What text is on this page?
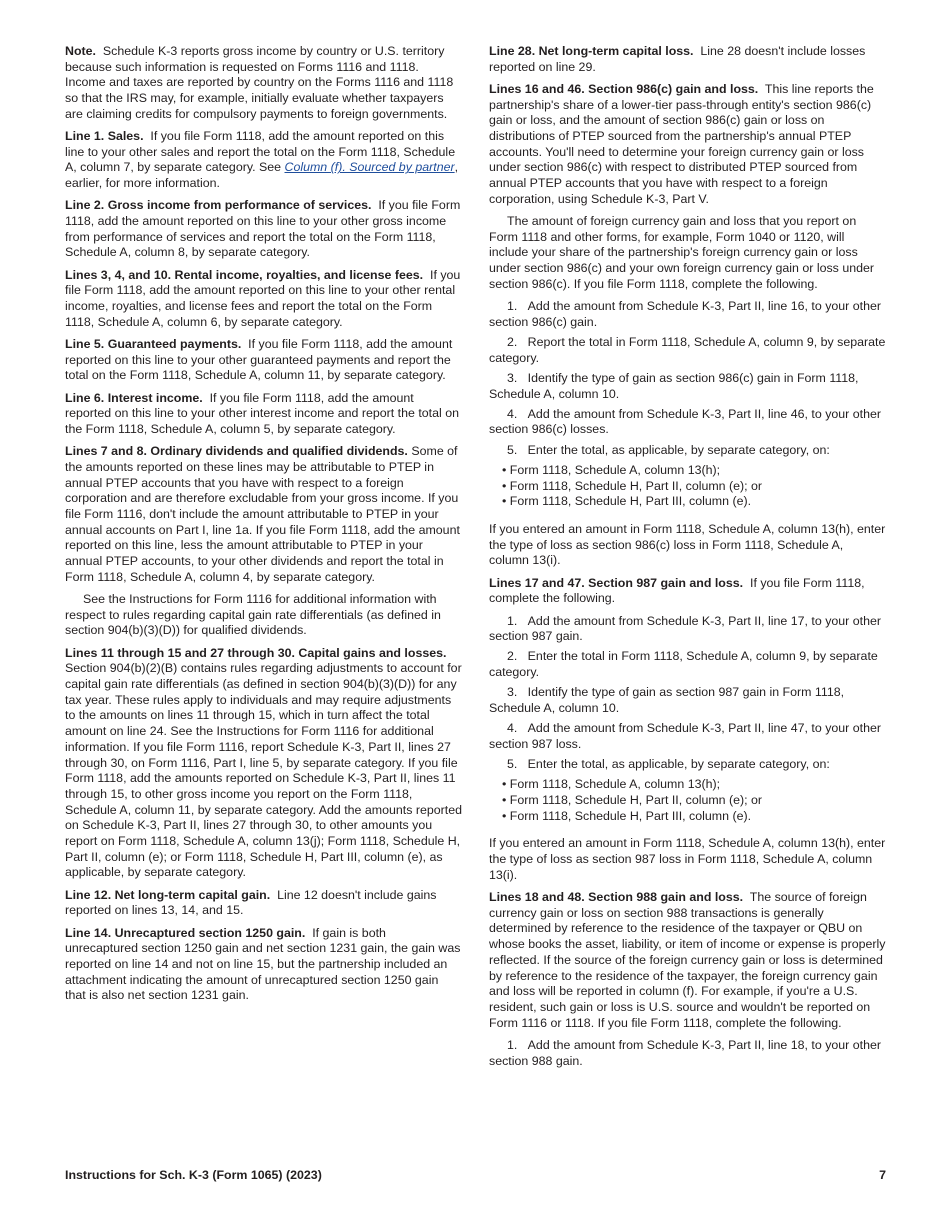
Note. Schedule K-3 reports gross income by country or U.S. territory because such information is requested on Forms 1116 and 1118. Income and taxes are reported by country on the Forms 1116 and 1118 so that the IRS may, for example, initially evaluate whether taxpayers are claiming credits for compulsory payments to foreign governments.

Line 1. Sales. If you file Form 1118, add the amount reported on this line to your other sales and report the total on the Form 1118, Schedule A, column 7, by separate category. See Column (f). Sourced by partner, earlier, for more information.

Line 2. Gross income from performance of services. If you file Form 1118, add the amount reported on this line to your other gross income from performance of services and report the total on the Form 1118, Schedule A, column 8, by separate category.

Lines 3, 4, and 10. Rental income, royalties, and license fees. If you file Form 1118, add the amount reported on this line to your other rental income, royalties, and license fees and report the total on the Form 1118, Schedule A, column 6, by separate category.

Line 5. Guaranteed payments. If you file Form 1118, add the amount reported on this line to your other guaranteed payments and report the total on the Form 1118, Schedule A, column 11, by separate category.

Line 6. Interest income. If you file Form 1118, add the amount reported on this line to your other interest income and report the total on the Form 1118, Schedule A, column 5, by separate category.

Lines 7 and 8. Ordinary dividends and qualified dividends. Some of the amounts reported on these lines may be attributable to PTEP in annual PTEP accounts that you have with respect to a foreign corporation and are therefore excludable from your gross income. If you file Form 1116, don't include the amount attributable to PTEP in your annual accounts on Part I, line 1a. If you file Form 1118, add the amount reported on this line, less the amount attributable to PTEP in your annual PTEP accounts, to your other dividends and report the total in Form 1118, Schedule A, column 4, by separate category.

See the Instructions for Form 1116 for additional information with respect to rules regarding capital gain rate differentials (as defined in section 904(b)(3)(D)) for qualified dividends.

Lines 11 through 15 and 27 through 30. Capital gains and losses.  Section 904(b)(2)(B) contains rules regarding adjustments to account for capital gain rate differentials (as defined in section 904(b)(3)(D)) for any tax year. These rules apply to individuals and may require adjustments to the amounts on lines 11 through 15, which in turn affect the total amount on line 24. See the Instructions for Form 1116 for additional information. If you file Form 1116, report Schedule K-3, Part II, lines 27 through 30, on Form 1116, Part I, line 5, by separate category. If you file Form 1118, add the amounts reported on Schedule K-3, Part II, lines 11 through 15, to other gross income you report on the Form 1118, Schedule A, column 11, by separate category. Add the amounts reported on Schedule K-3, Part II, lines 27 through 30, to other amounts you report on Form 1118, Schedule A, column 13(j); Form 1118, Schedule H, Part II, column (e); or Form 1118, Schedule H, Part III, column (e), as applicable, by separate category.

Line 12. Net long-term capital gain. Line 12 doesn't include gains reported on lines 13, 14, and 15.

Line 14. Unrecaptured section 1250 gain. If gain is both unrecaptured section 1250 gain and net section 1231 gain, the gain was reported on line 14 and not on line 15, but the partnership included an attachment indicating the amount of unrecaptured section 1250 gain that is also net section 1231 gain.

Line 28. Net long-term capital loss. Line 28 doesn't include losses reported on line 29.

Lines 16 and 46. Section 986(c) gain and loss. This line reports the partnership's share of a lower-tier pass-through entity's section 986(c) gain or loss, and the amount of section 986(c) gain or loss on distributions of PTEP sourced from the partnership's annual PTEP accounts. You'll need to determine your foreign currency gain or loss under section 986(c) with respect to distributed PTEP sourced from annual PTEP accounts that you have with respect to a foreign corporation, using Schedule K-3, Part V.

The amount of foreign currency gain and loss that you report on Form 1118 and other forms, for example, Form 1040 or 1120, will include your share of the partnership's foreign currency gain or loss under section 986(c) and your own foreign currency gain or loss under section 986(c). If you file Form 1118, complete the following.

1.   Add the amount from Schedule K-3, Part II, line 16, to your other section 986(c) gain.

2.   Report the total in Form 1118, Schedule A, column 9, by separate category.

3.   Identify the type of gain as section 986(c) gain in Form 1118, Schedule A, column 10.

4.   Add the amount from Schedule K-3, Part II, line 46, to your other section 986(c) losses.

5.   Enter the total, as applicable, by separate category, on:

• Form 1118, Schedule A, column 13(h);

• Form 1118, Schedule H, Part II, column (e); or

• Form 1118, Schedule H, Part III, column (e).

If you entered an amount in Form 1118, Schedule A, column 13(h), enter the type of loss as section 986(c) loss in Form 1118, Schedule A, column 13(i).

Lines 17 and 47. Section 987 gain and loss. If you file Form 1118, complete the following.

1.   Add the amount from Schedule K-3, Part II, line 17, to your other section 987 gain.

2.   Enter the total in Form 1118, Schedule A, column 9, by separate category.

3.   Identify the type of gain as section 987 gain in Form 1118, Schedule A, column 10.

4.   Add the amount from Schedule K-3, Part II, line 47, to your other section 987 loss.

5.   Enter the total, as applicable, by separate category, on:

• Form 1118, Schedule A, column 13(h);

• Form 1118, Schedule H, Part II, column (e); or

• Form 1118, Schedule H, Part III, column (e).

If you entered an amount in Form 1118, Schedule A, column 13(h), enter the type of loss as section 987 loss in Form 1118, Schedule A, column 13(i).

Lines 18 and 48. Section 988 gain and loss. The source of foreign currency gain or loss on section 988 transactions is generally determined by reference to the residence of the taxpayer or QBU on whose books the asset, liability, or item of income or expense is properly reflected. If the source of the foreign currency gain or loss is determined by reference to the residence of the taxpayer, the foreign currency gain and loss will be reported in column (f). For example, if you're a U.S. resident, such gain or loss is U.S. source and wouldn't be reported on Form 1116 or 1118. If you file Form 1118, complete the following.

1.   Add the amount from Schedule K-3, Part II, line 18, to your other section 988 gain.

Instructions for Sch. K-3 (Form 1065) (2023)	7
